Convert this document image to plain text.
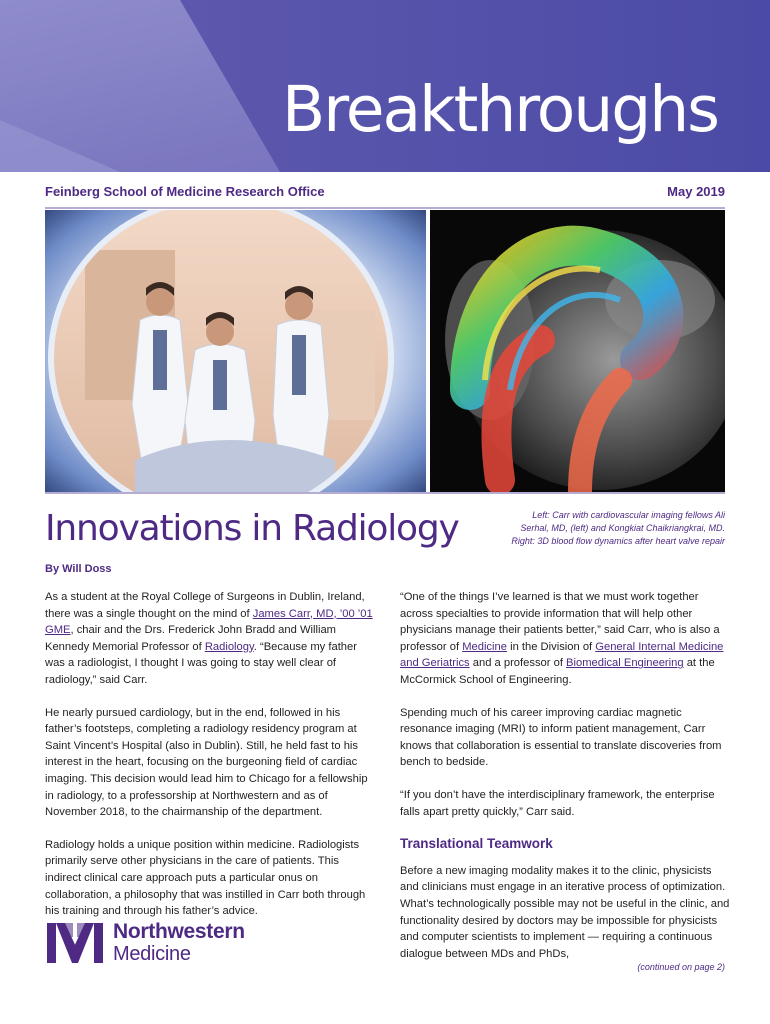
Breakthroughs
Feinberg School of Medicine Research Office	May 2019
Innovations in Radiology	Left: Carr with cardiovascular imaging fellows Ali
Serhal, MD, (left) and Kongkiat Chaikriangkrai, MD.
Right: 3D blood flow dynamics after heart valve repair
By Will Doss

As a student at the Royal College of Surgeons in Dublin, Ireland, there was a single thought on the mind of James Carr, MD, ’00 ’01 GME, chair and the Drs. Frederick John Bradd and William Kennedy Memorial Professor of Radiology. “Because my father was a radiologist, I thought I was going to stay well clear of radiology,” said Carr.

He nearly pursued cardiology, but in the end, followed in his father’s footsteps, completing a radiology residency program at Saint Vincent’s Hospital (also in Dublin). Still, he held fast to his interest in the heart, focusing on the burgeoning field of cardiac imaging. This decision would lead him to Chicago for a fellowship in radiology, to a professorship at Northwestern and as of November 2018, to the chairmanship of the department.

Radiology holds a unique position within medicine. Radiologists primarily serve other physicians in the care of patients. This indirect clinical care approach puts a particular onus on collaboration, a philosophy that was instilled in Carr both through his training and through his father’s advice.

“One of the things I’ve learned is that we must work together across specialties to provide information that will help other physicians manage their patients better,” said Carr, who is also a professor of Medicine in the Division of General Internal Medicine and Geriatrics and a professor of Biomedical Engineering at the McCormick School of Engineering.

Spending much of his career improving cardiac magnetic resonance imaging (MRI) to inform patient management, Carr knows that collaboration is essential to translate discoveries from bench to bedside.

“If you don’t have the interdisciplinary framework, the enterprise falls apart pretty quickly,” Carr said.

Translational Teamwork

Before a new imaging modality makes it to the clinic, physicists and clinicians must engage in an iterative process of optimization. What’s technologically possible may not be useful in the clinic, and functionality desired by doctors may be impossible for physicists and computer scientists to implement — requiring a continuous dialogue between MDs and PhDs,

(continued on page 2)
Northwestern
Medicine
